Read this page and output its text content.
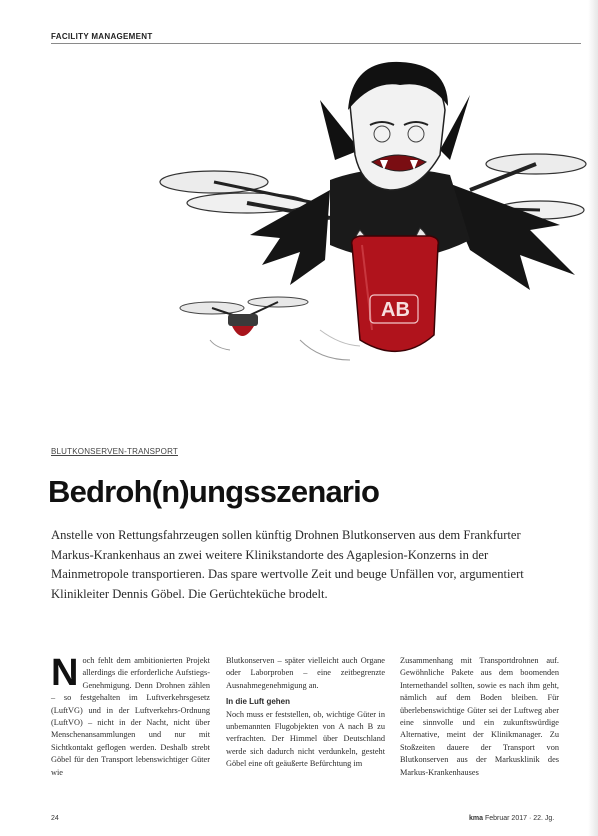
FACILITY MANAGEMENT
AB
BLUTKONSERVEN-TRANSPORT
Bedroh(n)ungsszenario

Anstelle von Rettungsfahrzeugen sollen künftig Drohnen Blutkonserven aus dem Frankfurter Markus-Krankenhaus an zwei weitere Klinikstandorte des Agaplesion-Konzerns in der Mainmetropole transportieren. Das spare wertvolle Zeit und beuge Unfällen vor, argumentiert Klinikleiter Dennis Göbel. Die Gerüchteküche brodelt.

N och fehlt dem ambitionierten Projekt allerdings die erforderliche Aufstiegs-Genehmigung. Denn Drohnen zählen – so festgehalten im Luftverkehrsgesetz (LuftVG) und in der Luftverkehrs-Ordnung (LuftVO) – nicht in der Nacht, nicht über Menschenansammlungen und nur mit Sichtkontakt geflogen werden. Deshalb strebt Göbel für den Transport lebenswichtiger Güter wie
Blutkonserven – später vielleicht auch Organe oder Laborproben – eine zeitbegrenzte Ausnahmegenehmigung an.
In die Luft gehen
Noch muss er feststellen, ob, wichtige Güter in unbemannten Flugobjekten von A nach B zu verfrachten. Der Himmel über Deutschland werde sich dadurch nicht verdunkeln, gesteht Göbel eine oft geäußerte Befürchtung im
Zusammenhang mit Transportdrohnen auf. Gewöhnliche Pakete aus dem boomenden Internethandel sollten, sowie es nach ihm geht, nämlich auf dem Boden bleiben. Für überlebenswichtige Güter sei der Luftweg aber eine sinnvolle und ein zukunftswürdige Alternative, meint der Klinikmanager. Zu Stoßzeiten dauere der Transport von Blutkonserven aus der Markusklinik des Markus-Krankenhauses
24	kma Februar 2017 · 22. Jg.
